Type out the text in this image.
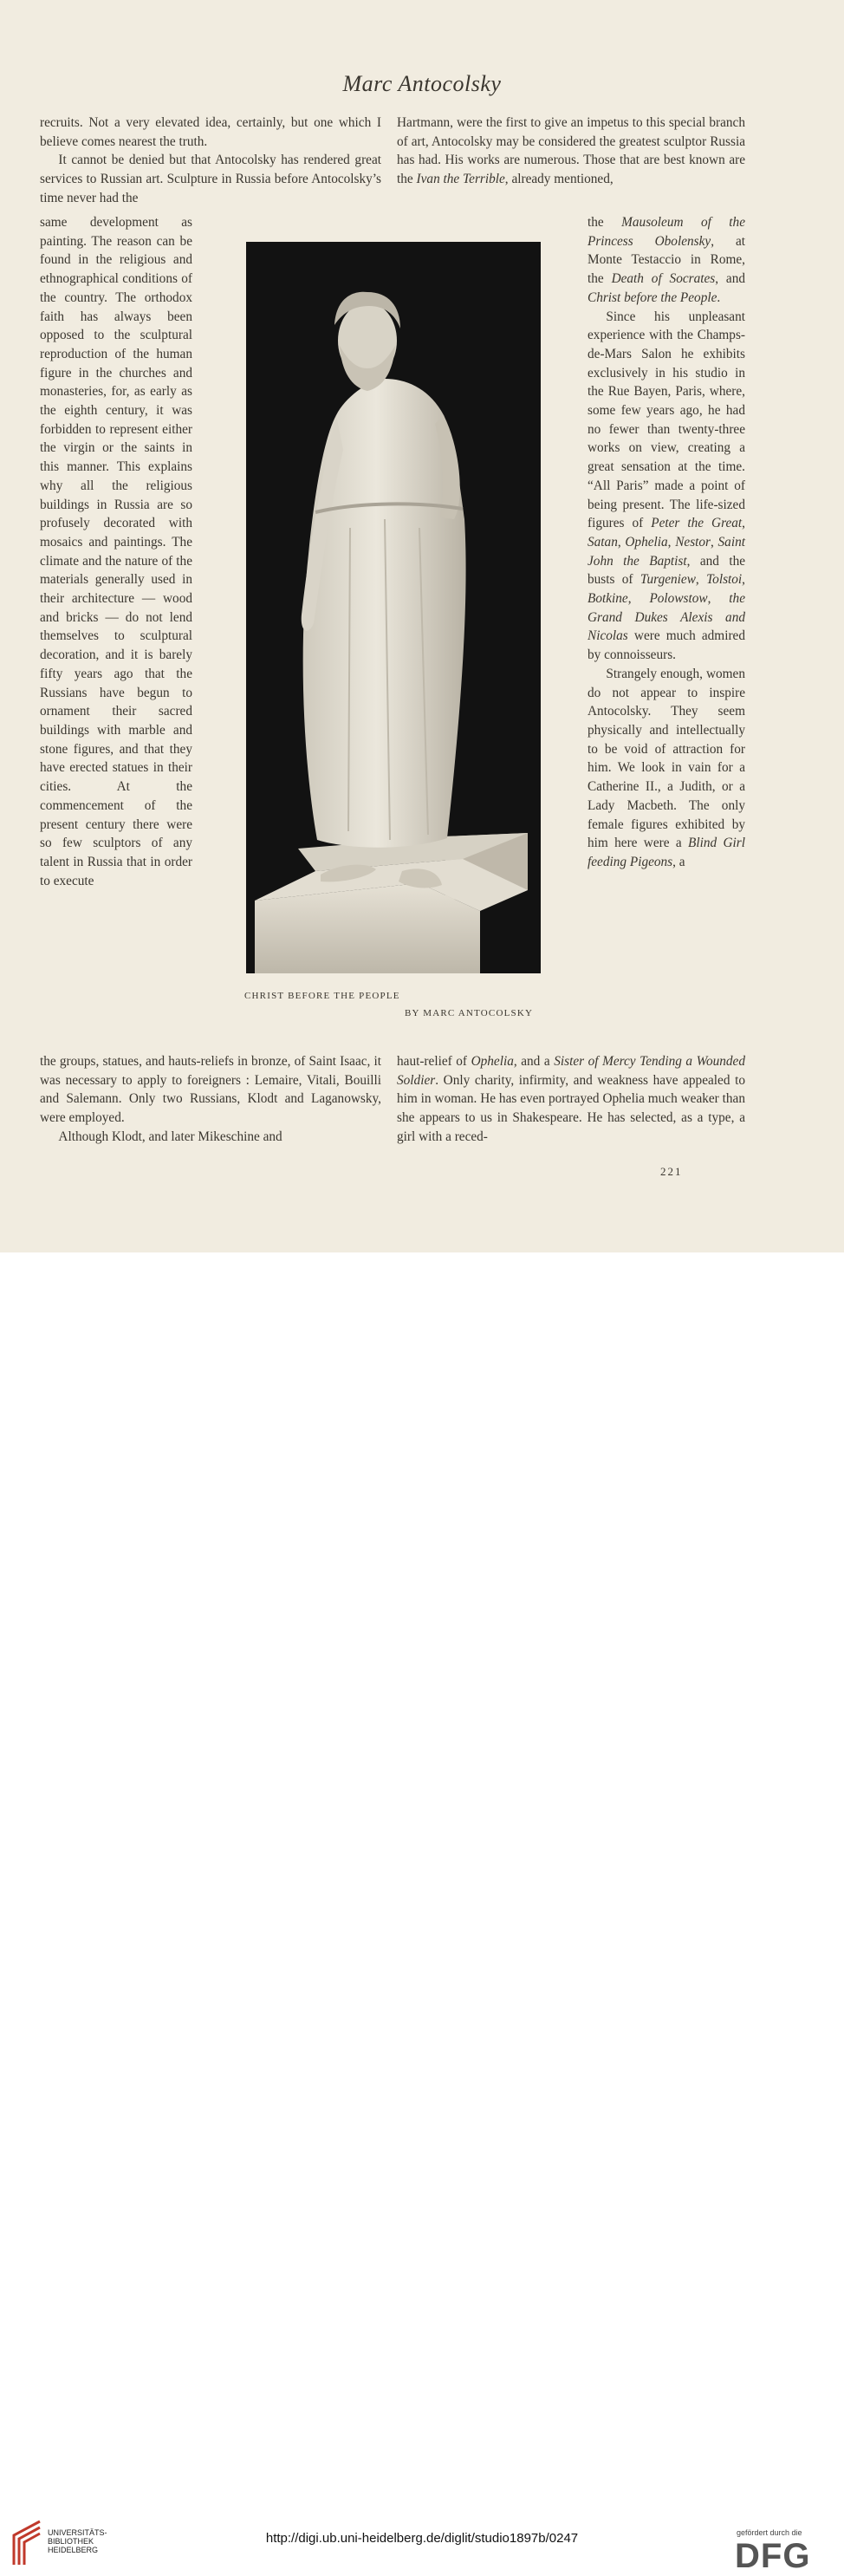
Marc Antocolsky

recruits. Not a very elevated idea, certainly, but one which I believe comes nearest the truth.

It cannot be denied but that Antocolsky has rendered great services to Russian art. Sculpture in Russia before Antocolsky’s time never had the

same development as painting. The reason can be found in the religious and ethnographical conditions of the country. The orthodox faith has always been opposed to the sculptural reproduction of the human figure in the churches and monasteries, for, as early as the eighth century, it was forbidden to represent either the virgin or the saints in this manner. This explains why all the religious buildings in Russia are so profusely decorated with mosaics and paintings. The climate and the nature of the materials generally used in their architecture — wood and bricks — do not lend themselves to sculptural decoration, and it is barely fifty years ago that the Russians have begun to ornament their sacred buildings with marble and stone figures, and that they have erected statues in their cities. At the commencement of the present century there were so few sculptors of any talent in Russia that in order to execute

the groups, statues, and hauts-reliefs in bronze, of Saint Isaac, it was necessary to apply to foreigners : Lemaire, Vitali, Bouilli and Salemann. Only two Russians, Klodt and Laganowsky, were employed.

Although Klodt, and later Mikeschine and

Hartmann, were the first to give an impetus to this special branch of art, Antocolsky may be considered the greatest sculptor Russia has had. His works are numerous. Those that are best known are the Ivan the Terrible, already mentioned,

the Mausoleum of the Princess Obolensky, at Monte Testaccio in Rome, the Death of Socrates, and Christ before the People.

Since his unpleasant experience with the Champs-de-Mars Salon he exhibits exclusively in his studio in the Rue Bayen, Paris, where, some few years ago, he had no fewer than twenty-three works on view, creating a great sensation at the time. “All Paris” made a point of being present. The life-sized figures of Peter the Great, Satan, Ophelia, Nestor, Saint John the Baptist, and the busts of Turgeniew, Tolstoi, Botkine, Polowstow, the Grand Dukes Alexis and Nicolas were much admired by connoisseurs.

Strangely enough, women do not appear to inspire Antocolsky. They seem physically and intellectually to be void of attraction for him. We look in vain for a Catherine II., a Judith, or a Lady Macbeth. The only female figures exhibited by him here were a Blind Girl feeding Pigeons, a

haut-relief of Ophelia, and a Sister of Mercy Tending a Wounded Soldier. Only charity, infirmity, and weakness have appealed to him in woman. He has even portrayed Ophelia much weaker than she appears to us in Shakespeare. He has selected, as a type, a girl with a reced-

CHRIST BEFORE THE PEOPLE
BY MARC ANTOCOLSKY
221
UNIVERSITÄTS-
BIBLIOTHEK
HEIDELBERG
http://digi.ub.uni-heidelberg.de/diglit/studio1897b/0247	gefördert durch die
DFG
